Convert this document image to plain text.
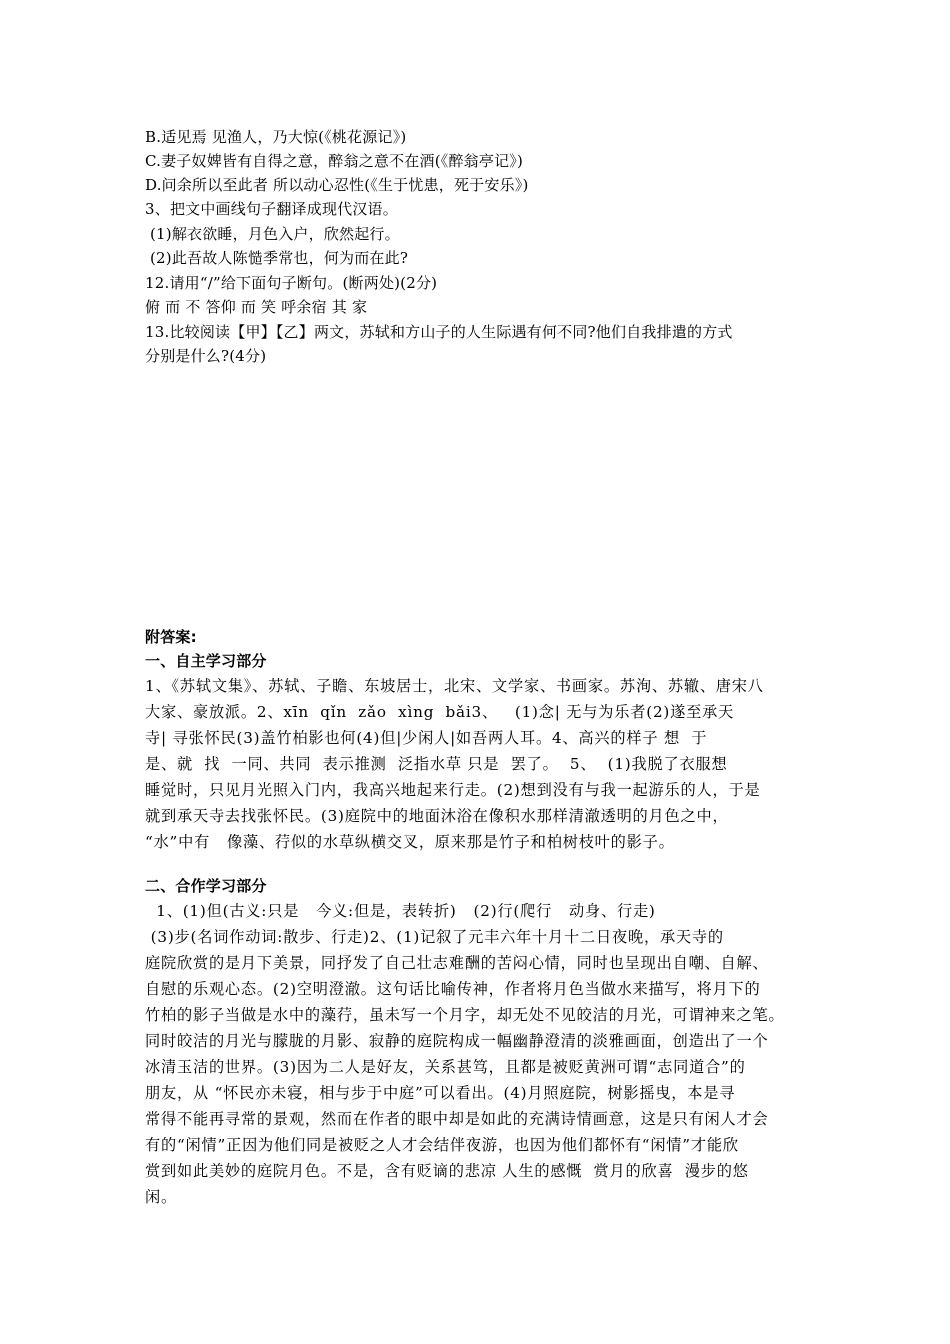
B.适见焉 见渔人，乃大惊(《桃花源记》)
C.妻子奴婢皆有自得之意，醉翁之意不在酒(《醉翁亭记》)
D.问余所以至此者 所以动心忍性(《生于忧患，死于安乐》)
3、把文中画线句子翻译成现代汉语。
(1)解衣欲睡，月色入户，欣然起行。
(2)此吾故人陈慥季常也，何为而在此?
12.请用“/”给下面句子断句。(断两处)(2分)
俯 而 不 答仰 而 笑 呼余宿 其 家
13.比较阅读【甲】【乙】两文，苏轼和方山子的人生际遇有何不同?他们自我排遣的方式
分别是什么?(4分)
附答案:
一、自主学习部分
1、《苏轼文集》、苏轼、子瞻、东坡居士，北宋、文学家、书画家。苏洵、苏辙、唐宋八
大家、豪放派。2、xīn  qǐn  zǎo  xìng  bǎi3、   (1)念| 无与为乐者(2)遂至承天
寺| 寻张怀民(3)盖竹柏影也何(4)但|少闲人|如吾两人耳。4、高兴的样子 想  于
是、就  找  一同、共同  表示推测  泛指水草 只是  罢了。  5、  (1)我脱了衣服想
睡觉时，只见月光照入门内，我高兴地起来行走。(2)想到没有与我一起游乐的人，于是
就到承天寺去找张怀民。(3)庭院中的地面沐浴在像积水那样清澈透明的月色之中，
“水”中有   像藻、荇似的水草纵横交叉，原来那是竹子和柏树枝叶的影子。
二、合作学习部分
1、(1)但(古义:只是   今义:但是，表转折)   (2)行(爬行   动身、行走)
(3)步(名词作动词:散步、行走)2、(1)记叙了元丰六年十月十二日夜晚，承天寺的
庭院欣赏的是月下美景，同抒发了自己壮志难酬的苦闷心情，同时也呈现出自嘲、自解、
自慰的乐观心态。(2)空明澄澈。这句话比喻传神，作者将月色当做水来描写，将月下的
竹柏的影子当做是水中的藻荇，虽未写一个月字，却无处不见皎洁的月光，可谓神来之笔。
同时皎洁的月光与朦胧的月影、寂静的庭院构成一幅幽静澄清的淡雅画面，创造出了一个
冰清玉洁的世界。(3)因为二人是好友，关系甚笃，且都是被贬黄洲可谓“志同道合”的
朋友，从 “怀民亦未寝，相与步于中庭”可以看出。(4)月照庭院，树影摇曳，本是寻
常得不能再寻常的景观，然而在作者的眼中却是如此的充满诗情画意，这是只有闲人才会
有的“闲情”正因为他们同是被贬之人才会结伴夜游，也因为他们都怀有“闲情”才能欣
赏到如此美妙的庭院月色。不是，含有贬谪的悲凉 人生的感慨  赏月的欣喜  漫步的悠
闲。
